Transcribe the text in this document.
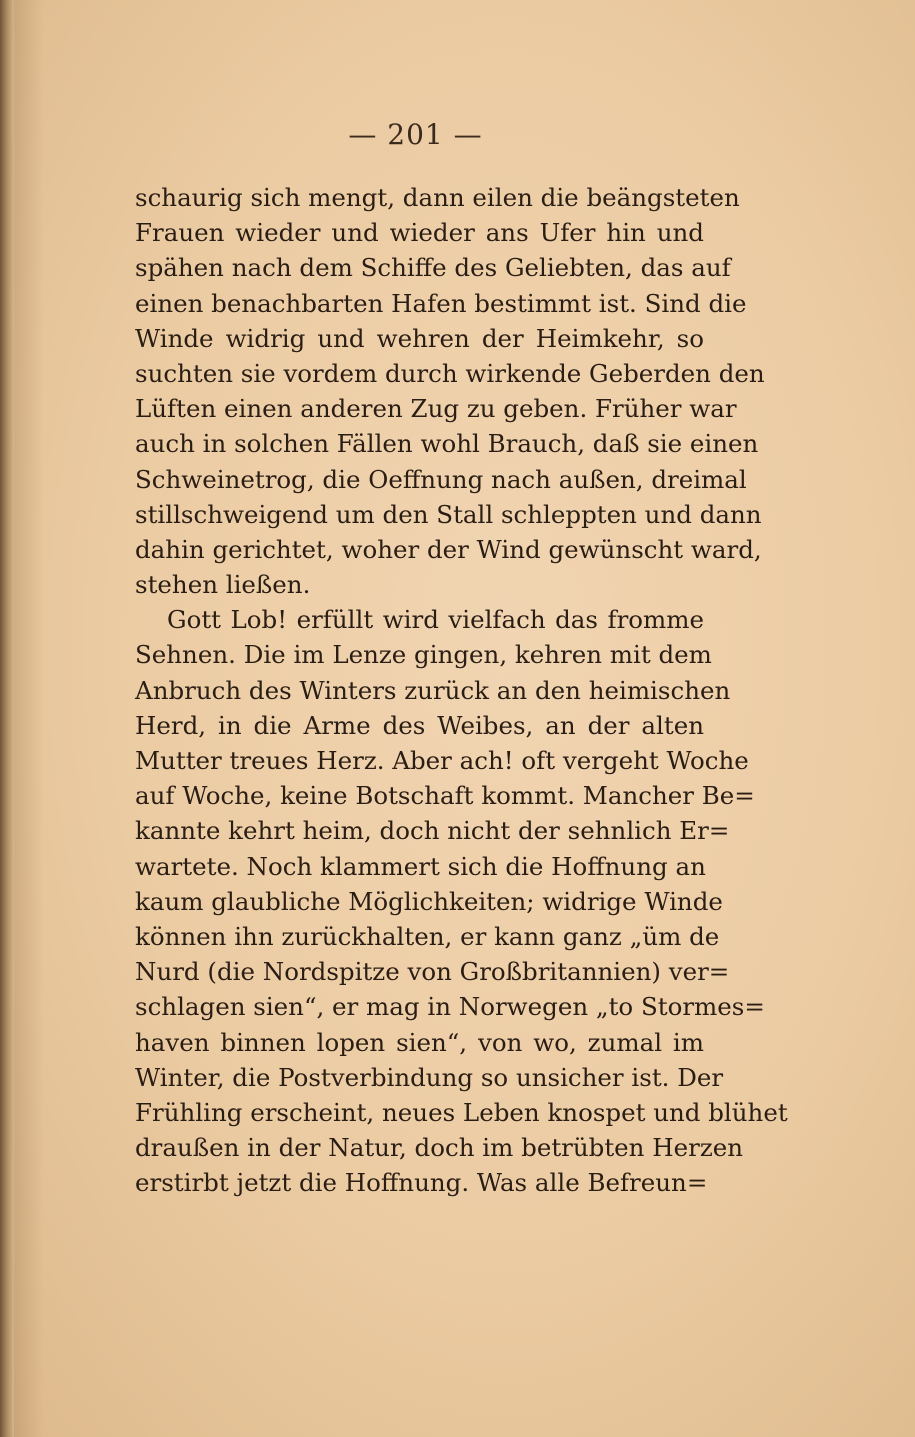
— 201 —
schaurig sich mengt, dann eilen die beängsteten
Frauen wieder und wieder ans Ufer hin und
spähen nach dem Schiffe des Geliebten, das auf
einen benachbarten Hafen bestimmt ist. Sind die
Winde widrig und wehren der Heimkehr, so
suchten sie vordem durch wirkende Geberden den
Lüften einen anderen Zug zu geben. Früher war
auch in solchen Fällen wohl Brauch, daß sie einen
Schweinetrog, die Oeffnung nach außen, dreimal
stillschweigend um den Stall schleppten und dann
dahin gerichtet, woher der Wind gewünscht ward,
stehen ließen.
Gott Lob! erfüllt wird vielfach das fromme
Sehnen. Die im Lenze gingen, kehren mit dem
Anbruch des Winters zurück an den heimischen
Herd, in die Arme des Weibes, an der alten
Mutter treues Herz. Aber ach! oft vergeht Woche
auf Woche, keine Botschaft kommt. Mancher Be=
kannte kehrt heim, doch nicht der sehnlich Er=
wartete. Noch klammert sich die Hoffnung an
kaum glaubliche Möglichkeiten; widrige Winde
können ihn zurückhalten, er kann ganz „üm de
Nurd (die Nordspitze von Großbritannien) ver=
schlagen sien“, er mag in Norwegen „to Stormes=
haven binnen lopen sien“, von wo, zumal im
Winter, die Postverbindung so unsicher ist. Der
Frühling erscheint, neues Leben knospet und blühet
draußen in der Natur, doch im betrübten Herzen
erstirbt jetzt die Hoffnung. Was alle Befreun=
